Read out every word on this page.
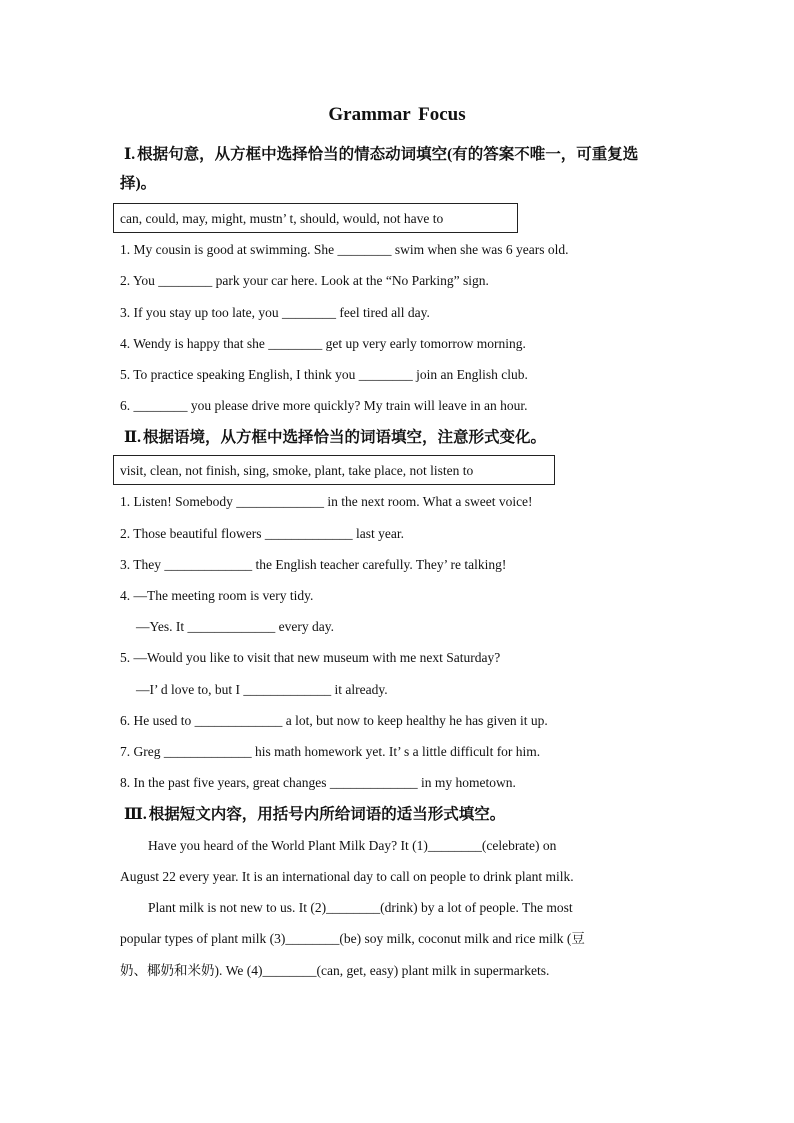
Grammar Focus
Ⅰ. 根据句意，从方框中选择恰当的情态动词填空(有的答案不唯一，可重复选
择)。
can, could, may, might, mustn’ t, should, would, not have to
1. My cousin is good at swimming. She ________ swim when she was 6 years old.
2. You ________ park your car here. Look at the “No Parking” sign.
3. If you stay up too late, you ________ feel tired all day.
4. Wendy is happy that she ________ get up very early tomorrow morning.
5. To practice speaking English, I think you ________ join an English club.
6. ________ you please drive more quickly? My train will leave in an hour.
Ⅱ. 根据语境，从方框中选择恰当的词语填空，注意形式变化。
visit, clean, not finish, sing, smoke, plant, take place, not listen to
1. Listen! Somebody _____________ in the next room. What a sweet voice!
2. Those beautiful flowers _____________ last year.
3. They _____________ the English teacher carefully. They’ re talking!
4. —The meeting room is very tidy.
—Yes. It _____________ every day.
5. —Would you like to visit that new museum with me next Saturday?
—I’ d love to, but I _____________ it already.
6. He used to _____________ a lot, but now to keep healthy he has given it up.
7. Greg _____________ his math homework yet. It’ s a little difficult for him.
8. In the past five years, great changes _____________ in my hometown.
Ⅲ. 根据短文内容，用括号内所给词语的适当形式填空。
Have you heard of the World Plant Milk Day? It (1)________(celebrate) on
August 22 every year. It is an international day to call on people to drink plant milk.
Plant milk is not new to us. It (2)________(drink) by a lot of people. The most
popular types of plant milk (3)________(be) soy milk, coconut milk and rice milk (豆
奶、椰奶和米奶). We (4)________(can, get, easy) plant milk in supermarkets.
